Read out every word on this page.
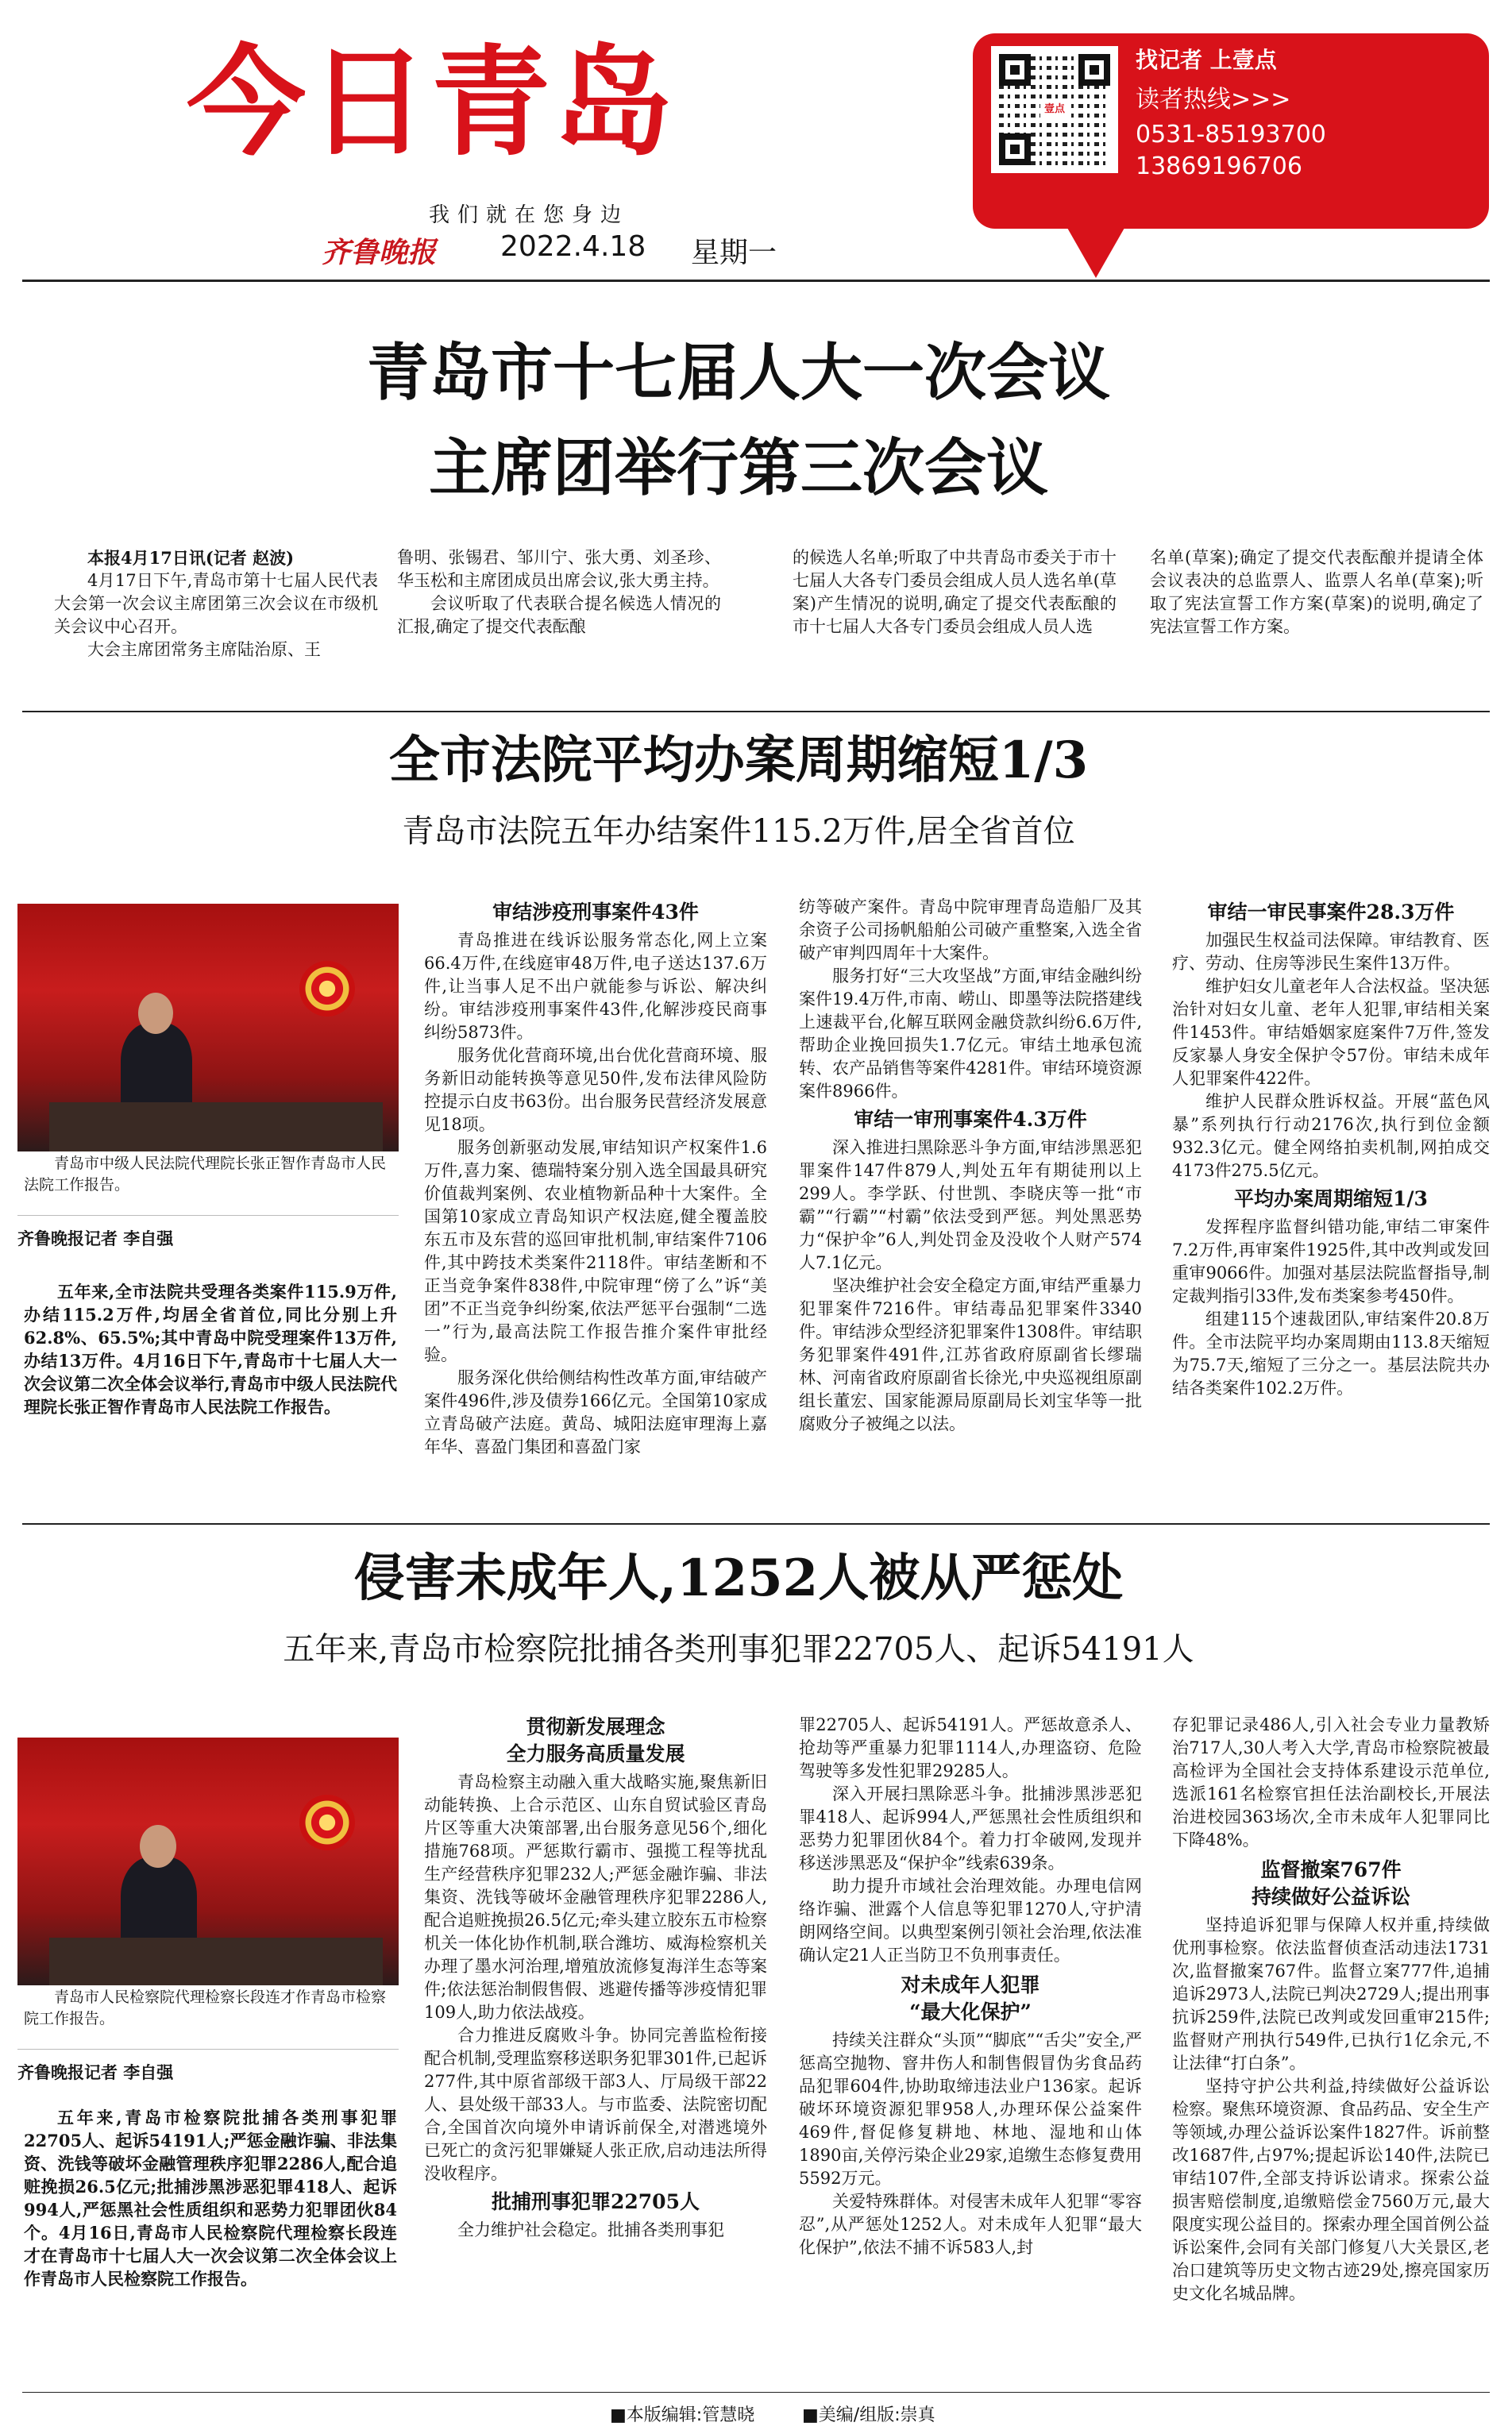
今日青岛
我们就在您身边
齐鲁晚报 2022.4.18 星期一
壹点
找记者 上壹点
读者热线>>>
0531-85193700
13869196706
青岛市十七届人大一次会议
主席团举行第三次会议

本报4月17日讯(记者 赵波)

4月17日下午,青岛市第十七届人民代表大会第一次会议主席团第三次会议在市级机关会议中心召开。

大会主席团常务主席陆治原、王

鲁明、张锡君、邹川宁、张大勇、刘圣珍、华玉松和主席团成员出席会议,张大勇主持。

会议听取了代表联合提名候选人情况的汇报,确定了提交代表酝酿

的候选人名单;听取了中共青岛市委关于市十七届人大各专门委员会组成人员人选名单(草案)产生情况的说明,确定了提交代表酝酿的市十七届人大各专门委员会组成人员人选

名单(草案);确定了提交代表酝酿并提请全体会议表决的总监票人、监票人名单(草案);听取了宪法宣誓工作方案(草案)的说明,确定了宪法宣誓工作方案。

全市法院平均办案周期缩短1/3
青岛市法院五年办结案件115.2万件,居全省首位
青岛市中级人民法院代理院长张正智作青岛市人民法院工作报告。
齐鲁晚报记者 李自强

五年来,全市法院共受理各类案件115.9万件,办结115.2万件,均居全省首位,同比分别上升62.8%、65.5%;其中青岛中院受理案件13万件,办结13万件。4月16日下午,青岛市十七届人大一次会议第二次全体会议举行,青岛市中级人民法院代理院长张正智作青岛市人民法院工作报告。

审结涉疫刑事案件43件

青岛推进在线诉讼服务常态化,网上立案66.4万件,在线庭审48万件,电子送达137.6万件,让当事人足不出户就能参与诉讼、解决纠纷。审结涉疫刑事案件43件,化解涉疫民商事纠纷5873件。

服务优化营商环境,出台优化营商环境、服务新旧动能转换等意见50件,发布法律风险防控提示白皮书63份。出台服务民营经济发展意见18项。

服务创新驱动发展,审结知识产权案件1.6万件,喜力案、德瑞特案分别入选全国最具研究价值裁判案例、农业植物新品种十大案件。全国第10家成立青岛知识产权法庭,健全覆盖胶东五市及东营的巡回审批机制,审结案件7106件,其中跨技术类案件2118件。审结垄断和不正当竞争案件838件,中院审理“傍了么”诉“美团”不正当竞争纠纷案,依法严惩平台强制“二选一”行为,最高法院工作报告推介案件审批经验。

服务深化供给侧结构性改革方面,审结破产案件496件,涉及债券166亿元。全国第10家成立青岛破产法庭。黄岛、城阳法庭审理海上嘉年华、喜盈门集团和喜盈门家

纺等破产案件。青岛中院审理青岛造船厂及其余资子公司扬帆船舶公司破产重整案,入选全省破产审判四周年十大案件。

服务打好“三大攻坚战”方面,审结金融纠纷案件19.4万件,市南、崂山、即墨等法院搭建线上速裁平台,化解互联网金融贷款纠纷6.6万件,帮助企业挽回损失1.7亿元。审结土地承包流转、农产品销售等案件4281件。审结环境资源案件8966件。

审结一审刑事案件4.3万件

深入推进扫黑除恶斗争方面,审结涉黑恶犯罪案件147件879人,判处五年有期徒刑以上299人。李学跃、付世凯、李晓庆等一批“市霸”“行霸”“村霸”依法受到严惩。判处黑恶势力“保护伞”6人,判处罚金及没收个人财产574人7.1亿元。

坚决维护社会安全稳定方面,审结严重暴力犯罪案件7216件。审结毒品犯罪案件3340件。审结涉众型经济犯罪案件1308件。审结职务犯罪案件491件,江苏省政府原副省长缪瑞林、河南省政府原副省长徐光,中央巡视组原副组长董宏、国家能源局原副局长刘宝华等一批腐败分子被绳之以法。

审结一审民事案件28.3万件

加强民生权益司法保障。审结教育、医疗、劳动、住房等涉民生案件13万件。

维护妇女儿童老年人合法权益。坚决惩治针对妇女儿童、老年人犯罪,审结相关案件1453件。审结婚姻家庭案件7万件,签发反家暴人身安全保护令57份。审结未成年人犯罪案件422件。

维护人民群众胜诉权益。开展“蓝色风暴”系列执行行动2176次,执行到位金额932.3亿元。健全网络拍卖机制,网拍成交4173件275.5亿元。

平均办案周期缩短1/3

发挥程序监督纠错功能,审结二审案件7.2万件,再审案件1925件,其中改判或发回重审9066件。加强对基层法院监督指导,制定裁判指引33件,发布类案参考450件。

组建115个速裁团队,审结案件20.8万件。全市法院平均办案周期由113.8天缩短为75.7天,缩短了三分之一。基层法院共办结各类案件102.2万件。

侵害未成年人,1252人被从严惩处
五年来,青岛市检察院批捕各类刑事犯罪22705人、起诉54191人
青岛市人民检察院代理检察长段连才作青岛市检察院工作报告。
齐鲁晚报记者 李自强

五年来,青岛市检察院批捕各类刑事犯罪22705人、起诉54191人;严惩金融诈骗、非法集资、洗钱等破坏金融管理秩序犯罪2286人,配合追赃挽损26.5亿元;批捕涉黑涉恶犯罪418人、起诉994人,严惩黑社会性质组织和恶势力犯罪团伙84个。4月16日,青岛市人民检察院代理检察长段连才在青岛市十七届人大一次会议第二次全体会议上作青岛市人民检察院工作报告。

贯彻新发展理念
全力服务高质量发展

青岛检察主动融入重大战略实施,聚焦新旧动能转换、上合示范区、山东自贸试验区青岛片区等重大决策部署,出台服务意见56个,细化措施768项。严惩欺行霸市、强揽工程等扰乱生产经营秩序犯罪232人;严惩金融诈骗、非法集资、洗钱等破坏金融管理秩序犯罪2286人,配合追赃挽损26.5亿元;牵头建立胶东五市检察机关一体化协作机制,联合潍坊、威海检察机关办理了墨水河治理,增殖放流修复海洋生态等案件;依法惩治制假售假、逃避传播等涉疫情犯罪109人,助力依法战疫。

合力推进反腐败斗争。协同完善监检衔接配合机制,受理监察移送职务犯罪301件,已起诉277件,其中原省部级干部3人、厅局级干部22人、县处级干部33人。与市监委、法院密切配合,全国首次向境外申请诉前保全,对潜逃境外已死亡的贪污犯罪嫌疑人张正欣,启动违法所得没收程序。

批捕刑事犯罪22705人

全力维护社会稳定。批捕各类刑事犯

罪22705人、起诉54191人。严惩故意杀人、抢劫等严重暴力犯罪1114人,办理盗窃、危险驾驶等多发性犯罪29285人。

深入开展扫黑除恶斗争。批捕涉黑涉恶犯罪418人、起诉994人,严惩黑社会性质组织和恶势力犯罪团伙84个。着力打伞破网,发现并移送涉黑恶及“保护伞”线索639条。

助力提升市域社会治理效能。办理电信网络诈骗、泄露个人信息等犯罪1270人,守护清朗网络空间。以典型案例引领社会治理,依法准确认定21人正当防卫不负刑事责任。

对未成年人犯罪
“最大化保护”

持续关注群众“头顶”“脚底”“舌尖”安全,严惩高空抛物、窨井伤人和制售假冒伪劣食品药品犯罪604件,协助取缔违法业户136家。起诉破坏环境资源犯罪958人,办理环保公益案件469件,督促修复耕地、林地、湿地和山体1890亩,关停污染企业29家,追缴生态修复费用5592万元。

关爱特殊群体。对侵害未成年人犯罪“零容忍”,从严惩处1252人。对未成年人犯罪“最大化保护”,依法不捕不诉583人,封

存犯罪记录486人,引入社会专业力量教矫治717人,30人考入大学,青岛市检察院被最高检评为全国社会支持体系建设示范单位,选派161名检察官担任法治副校长,开展法治进校园363场次,全市未成年人犯罪同比下降48%。

监督撤案767件
持续做好公益诉讼

坚持追诉犯罪与保障人权并重,持续做优刑事检察。依法监督侦查活动违法1731次,监督撤案767件。监督立案777件,追捕追诉2973人,法院已判决2729人;提出刑事抗诉259件,法院已改判或发回重审215件;监督财产刑执行549件,已执行1亿余元,不让法律“打白条”。

坚持守护公共利益,持续做好公益诉讼检察。聚焦环境资源、食品药品、安全生产等领域,办理公益诉讼案件1827件。诉前整改1687件,占97%;提起诉讼140件,法院已审结107件,全部支持诉讼请求。探索公益损害赔偿制度,追缴赔偿金7560万元,最大限度实现公益目的。探索办理全国首例公益诉讼案件,会同有关部门修复八大关景区,老冶口建筑等历史文物古迹29处,擦亮国家历史文化名城品牌。

■本版编辑:管慧晓	■美编/组版:崇真
